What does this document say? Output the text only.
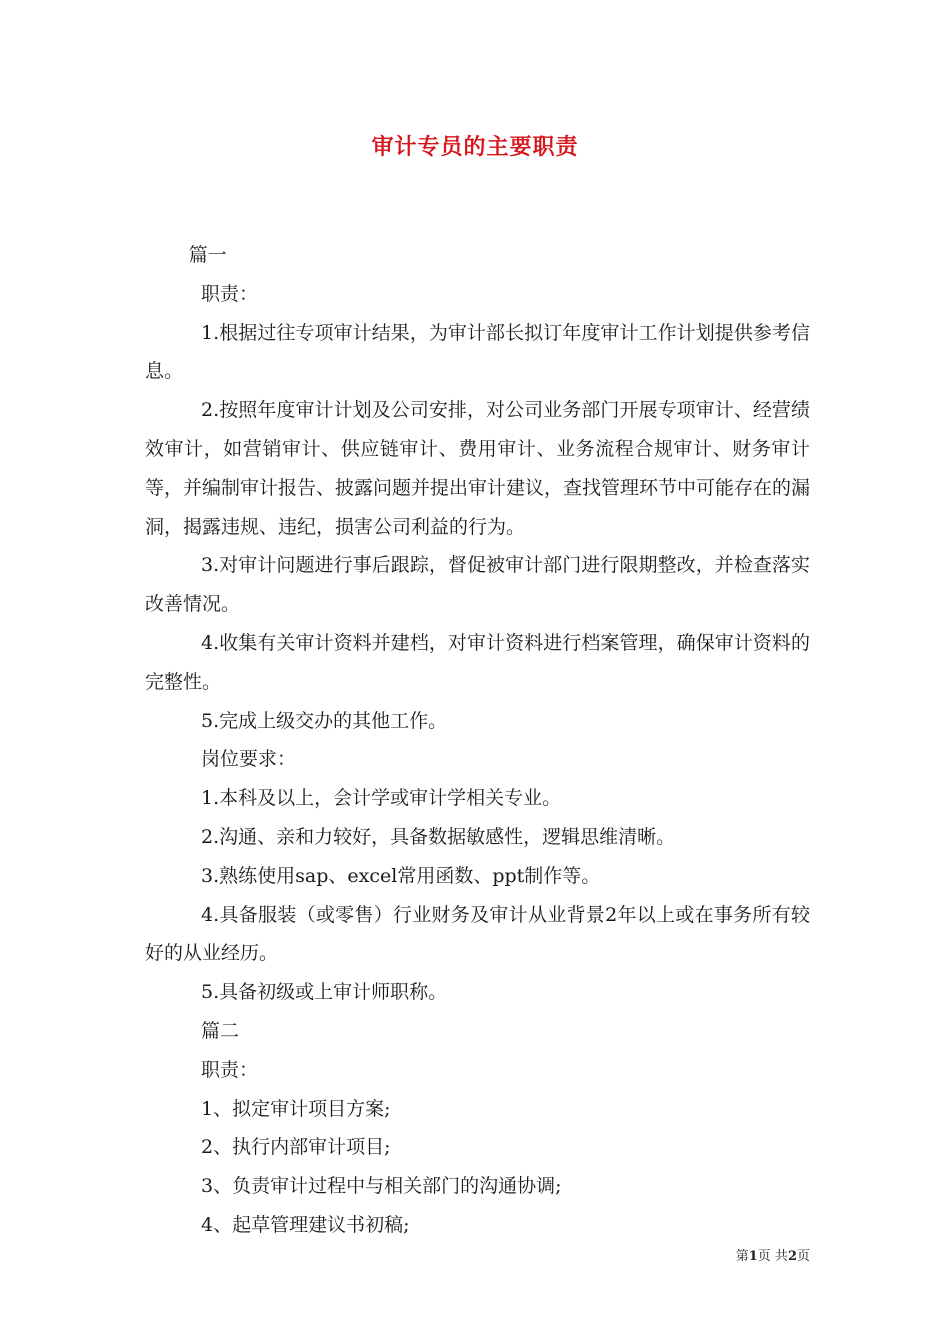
审计专员的主要职责

篇一

职责：

1.根据过往专项审计结果，为审计部长拟订年度审计工作计划提供参考信息。

2.按照年度审计计划及公司安排，对公司业务部门开展专项审计、经营绩效审计，如营销审计、供应链审计、费用审计、业务流程合规审计、财务审计等，并编制审计报告、披露问题并提出审计建议，查找管理环节中可能存在的漏洞，揭露违规、违纪，损害公司利益的行为。

3.对审计问题进行事后跟踪，督促被审计部门进行限期整改，并检查落实改善情况。

4.收集有关审计资料并建档，对审计资料进行档案管理，确保审计资料的完整性。

5.完成上级交办的其他工作。

岗位要求：

1.本科及以上，会计学或审计学相关专业。

2.沟通、亲和力较好，具备数据敏感性，逻辑思维清晰。

3.熟练使用sap、excel常用函数、ppt制作等。

4.具备服装（或零售）行业财务及审计从业背景2年以上或在事务所有较好的从业经历。

5.具备初级或上审计师职称。

篇二

职责：

1、拟定审计项目方案;

2、执行内部审计项目;

3、负责审计过程中与相关部门的沟通协调;

4、起草管理建议书初稿;

第1页 共2页
